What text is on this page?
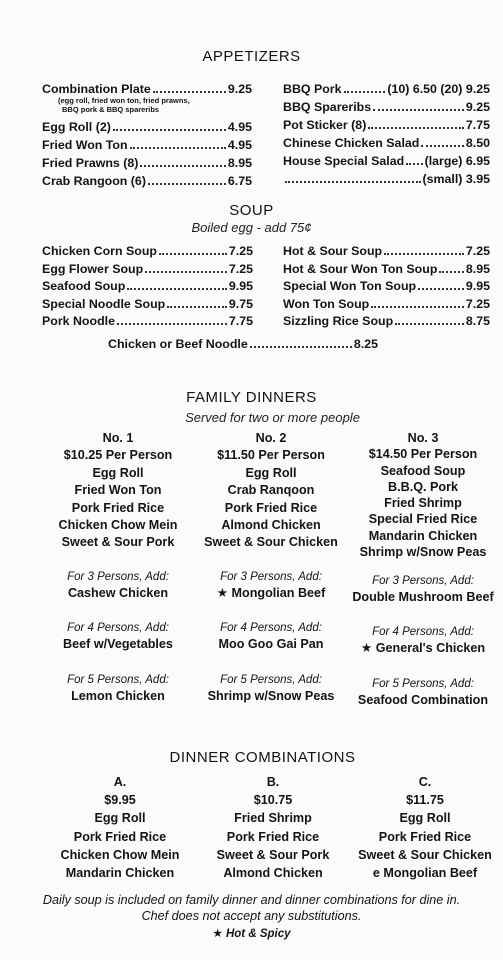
APPETIZERS
Combination Plate	9.25
Egg Roll (2)	4.95
Fried Won Ton	4.95
Fried Prawns (8)	8.95
Crab Rangoon (6)	6.75
(egg roll, fried won ton, fried prawns,
BBQ pork & BBQ spareribs
BBQ Pork	(10) 6.50 (20) 9.25
BBQ Spareribs	9.25
Pot Sticker (8)	7.75
Chinese Chicken Salad	8.50
House Special Salad (large) 6.95
(small) 3.95
SOUP
Boiled egg - add 75¢
Chicken Corn Soup	7.25
Egg Flower Soup	7.25
Seafood Soup	9.95
Special Noodle Soup	9.75
Pork Noodle	7.75
Hot & Sour Soup	7.25
Hot & Sour Won Ton Soup 8.95
Special Won Ton Soup	9.95
Won Ton Soup	7.25
Sizzling Rice Soup	8.75
Chicken or Beef Noodle	8.25
FAMILY DINNERS
Served for two or more people
No. 1
$10.25 Per Person
Egg Roll
Fried Won Ton
Pork Fried Rice
Chicken Chow Mein
Sweet & Sour Pork
No. 2
$11.50 Per Person
Egg Roll
Crab Ranqoon
Pork Fried Rice
Almond Chicken
Sweet & Sour Chicken
No. 3
$14.50 Per Person
Seafood Soup
B.B.Q. Pork
Fried Shrimp
Special Fried Rice
Mandarin Chicken
Shrimp w/Snow Peas
For 3 Persons, Add:
Cashew Chicken
For 4 Persons, Add:
Beef w/Vegetables
For 5 Persons, Add:
Lemon Chicken
For 3 Persons, Add:
★ Mongolian Beef
For 4 Persons, Add:
Moo Goo Gai Pan
For 5 Persons, Add:
Shrimp w/Snow Peas
For 3 Persons, Add:
Double Mushroom Beef
For 4 Persons, Add:
★ General's Chicken
For 5 Persons, Add:
Seafood Combination
DINNER COMBINATIONS
A.
$9.95
Egg Roll
Pork Fried Rice
Chicken Chow Mein
Mandarin Chicken
B.
$10.75
Fried Shrimp
Pork Fried Rice
Sweet & Sour Pork
Almond Chicken
C.
$11.75
Egg Roll
Pork Fried Rice
Sweet & Sour Chicken
e Mongolian Beef
Daily soup is included on family dinner and dinner combinations for dine in.
Chef does not accept any substitutions.
★ Hot & Spicy
